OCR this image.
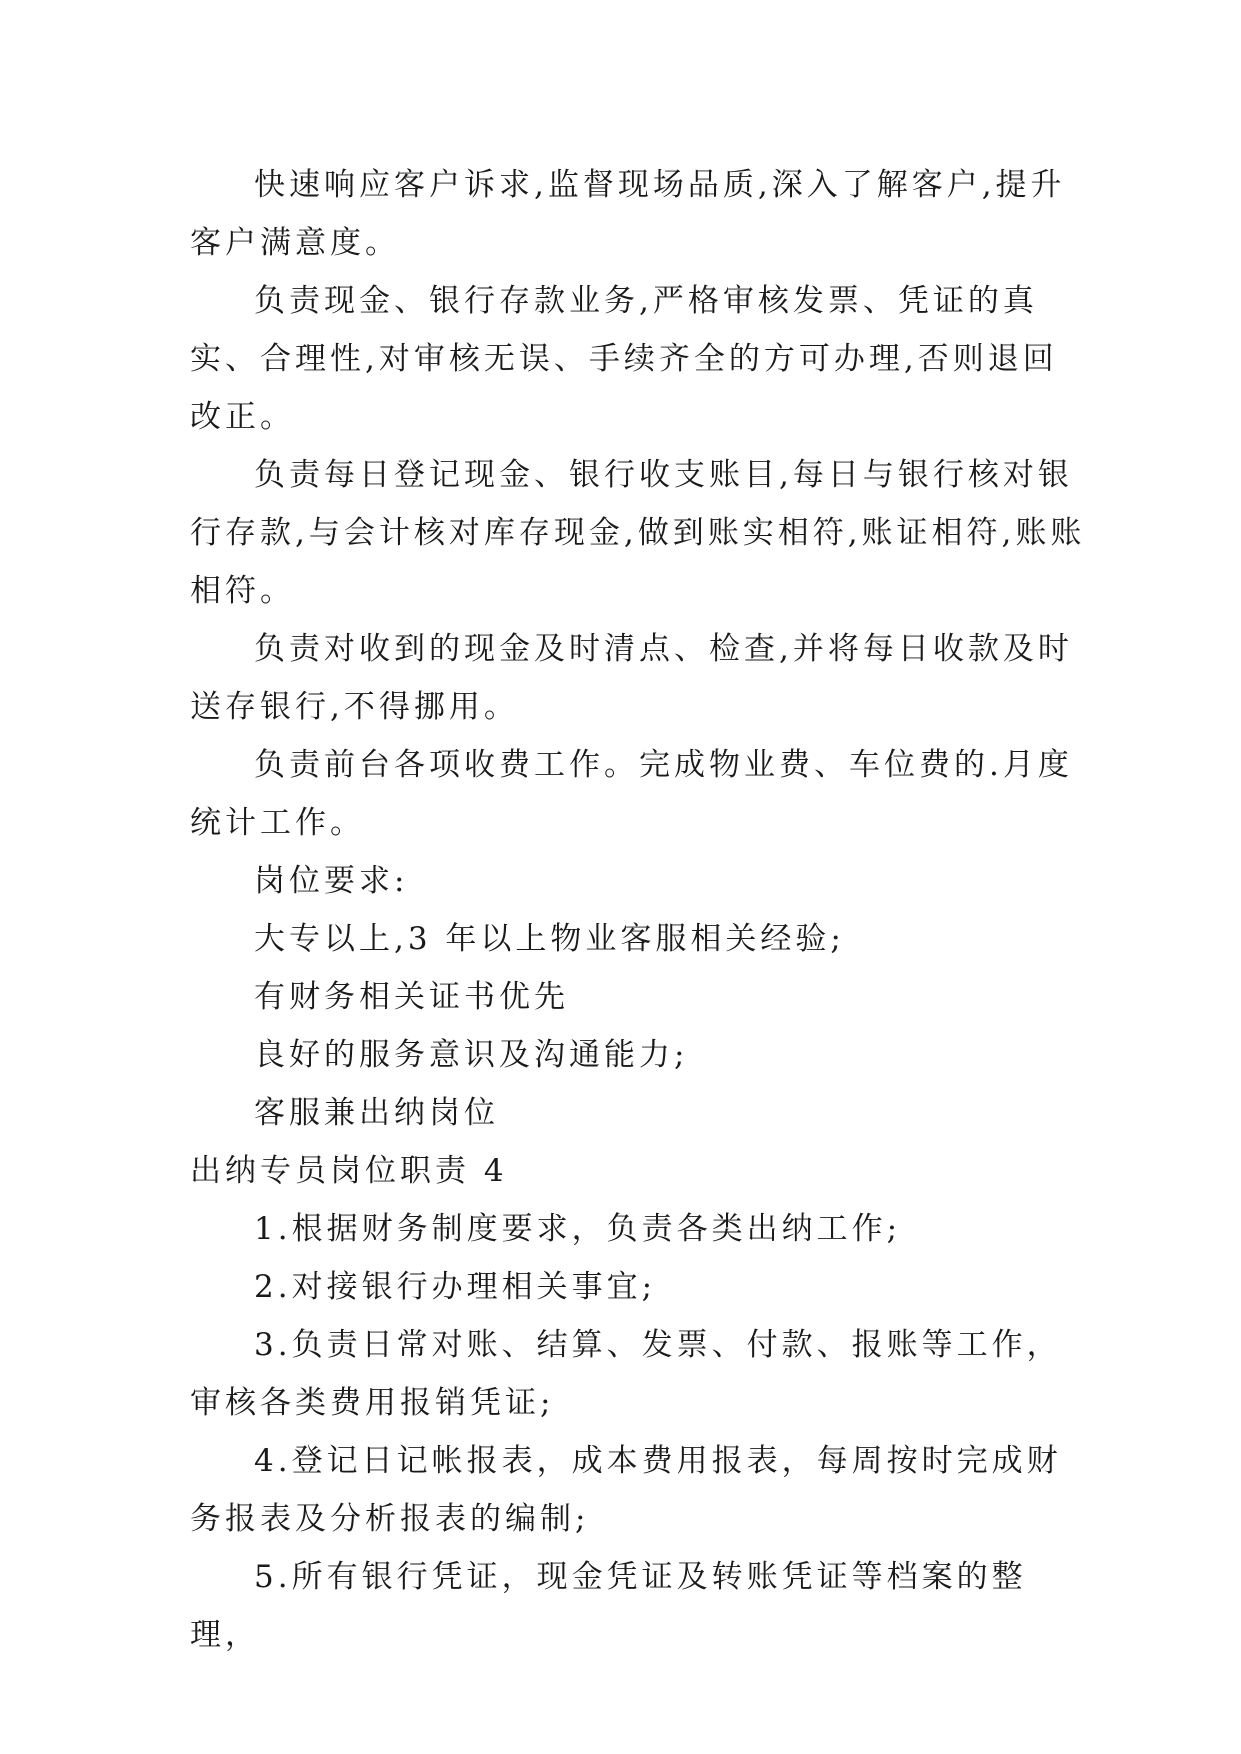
快速响应客户诉求,监督现场品质,深入了解客户,提升客户满意度。

负责现金、银行存款业务,严格审核发票、凭证的真实、合理性,对审核无误、手续齐全的方可办理,否则退回改正。

负责每日登记现金、银行收支账目,每日与银行核对银行存款,与会计核对库存现金,做到账实相符,账证相符,账账相符。

负责对收到的现金及时清点、检查,并将每日收款及时送存银行,不得挪用。

负责前台各项收费工作。完成物业费、车位费的.月度统计工作。

岗位要求:

大专以上,3 年以上物业客服相关经验;

有财务相关证书优先

良好的服务意识及沟通能力;

客服兼出纳岗位

出纳专员岗位职责 4

1.根据财务制度要求，负责各类出纳工作;

2.对接银行办理相关事宜;

3.负责日常对账、结算、发票、付款、报账等工作，审核各类费用报销凭证;

4.登记日记帐报表，成本费用报表，每周按时完成财务报表及分析报表的编制;

5.所有银行凭证，现金凭证及转账凭证等档案的整理，
